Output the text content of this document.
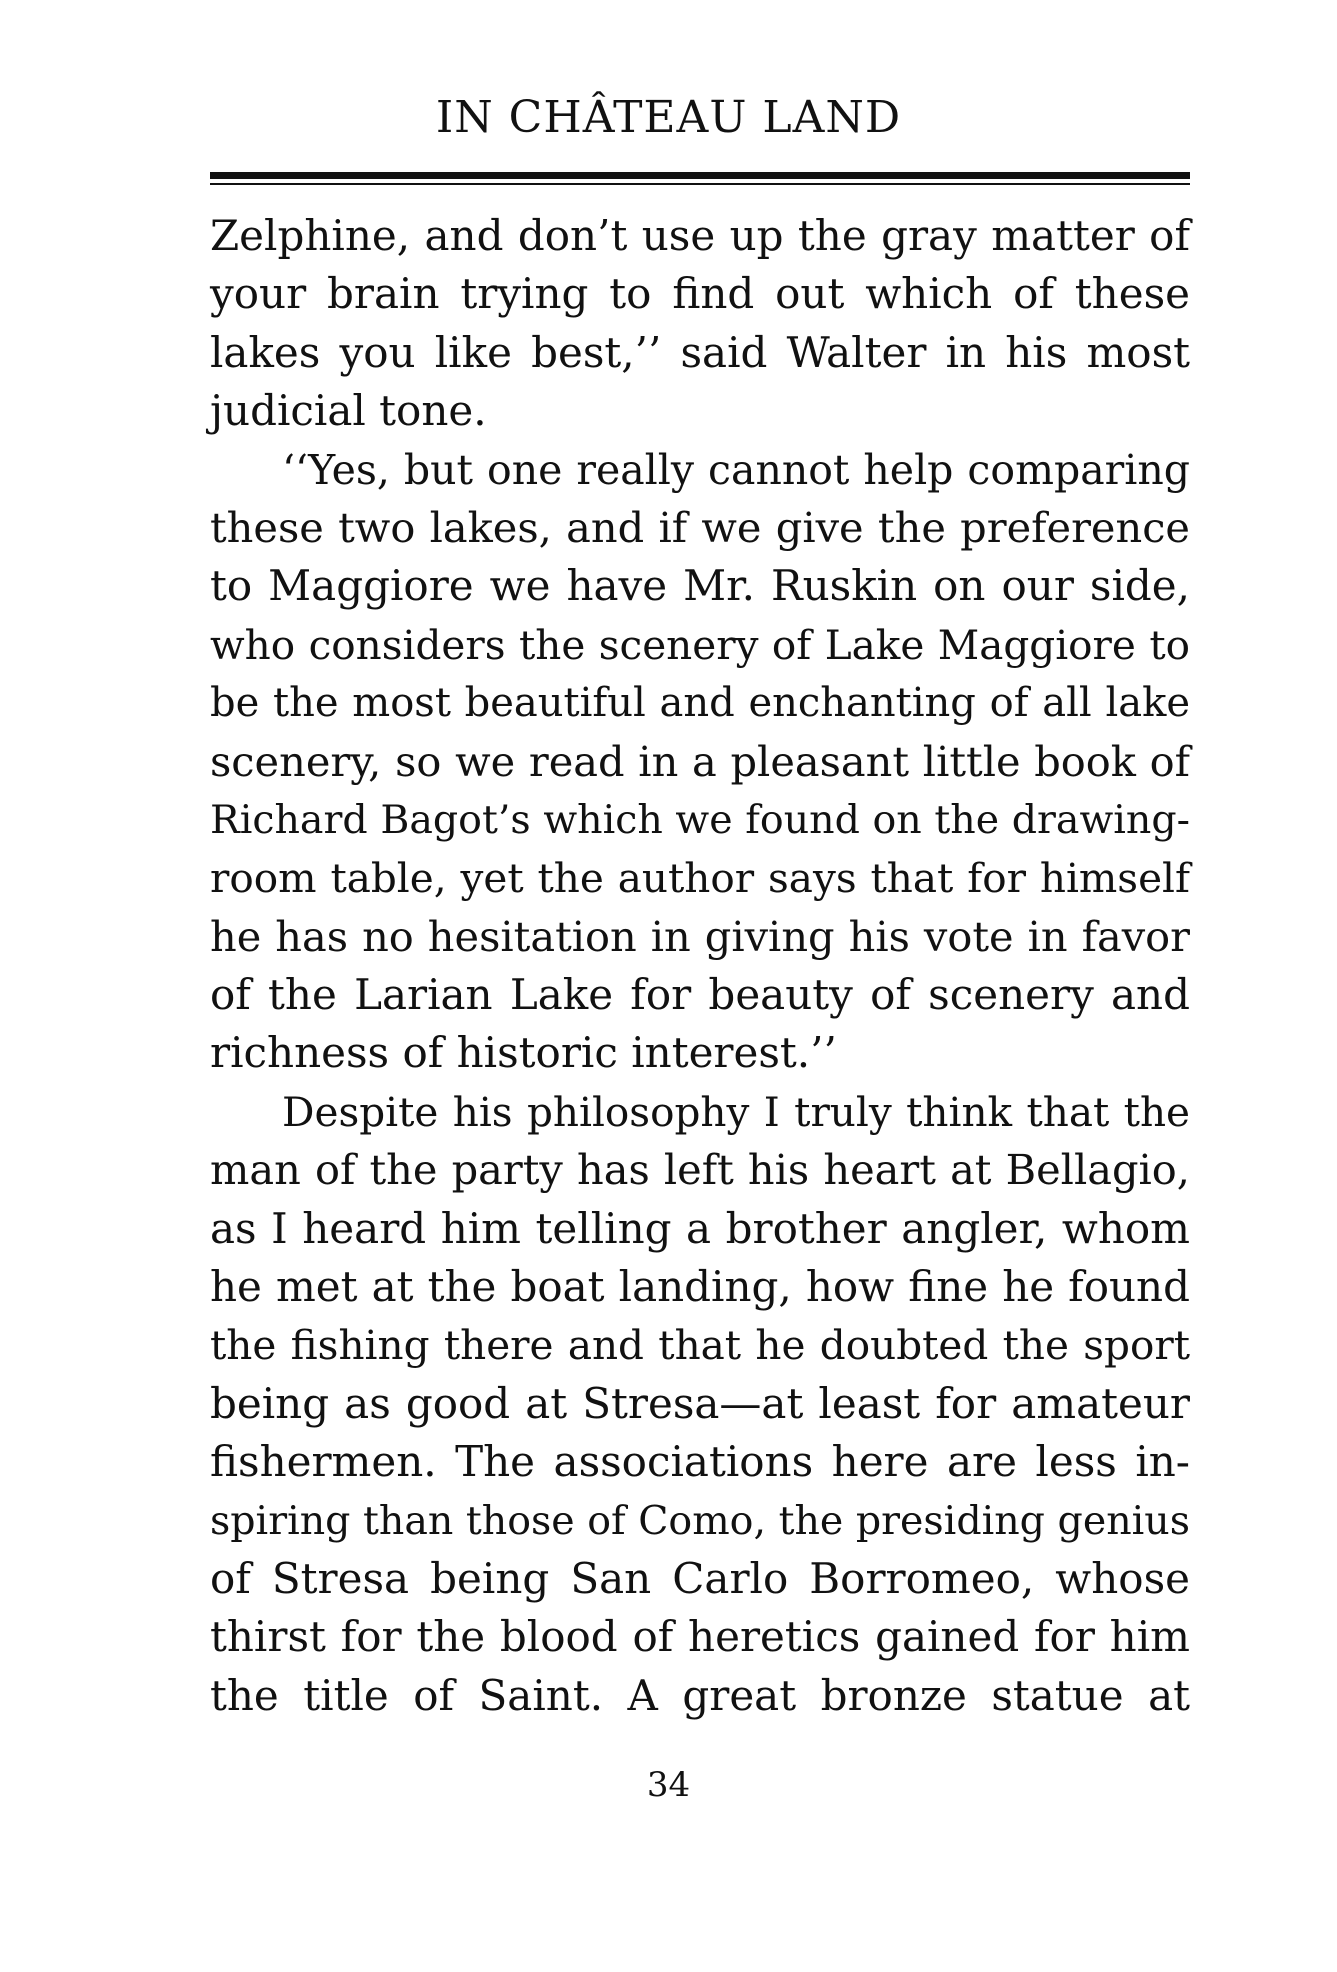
IN CHÂTEAU LAND
Zelphine, and don’t use up the gray matter of
your brain trying to find out which of these
lakes you like best,’’ said Walter in his most
judicial tone.
‘‘Yes, but one really cannot help comparing
these two lakes, and if we give the preference
to Maggiore we have Mr. Ruskin on our side,
who considers the scenery of Lake Maggiore to
be the most beautiful and enchanting of all lake
scenery, so we read in a pleasant little book of
Richard Bagot’s which we found on the drawing-
room table, yet the author says that for himself
he has no hesitation in giving his vote in favor
of the Larian Lake for beauty of scenery and
richness of historic interest.’’
Despite his philosophy I truly think that the
man of the party has left his heart at Bellagio,
as I heard him telling a brother angler, whom
he met at the boat landing, how fine he found
the fishing there and that he doubted the sport
being as good at Stresa—at least for amateur
fishermen. The associations here are less in-
spiring than those of Como, the presiding genius
of Stresa being San Carlo Borromeo, whose
thirst for the blood of heretics gained for him
the title of Saint. A great bronze statue at
34
